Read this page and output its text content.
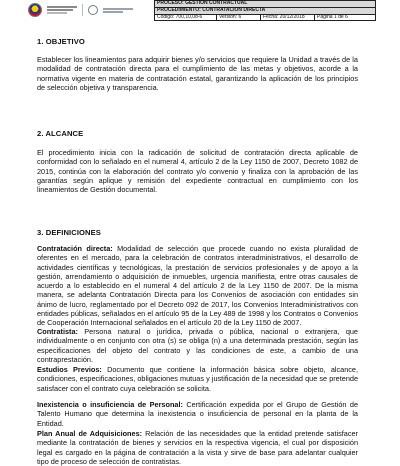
PROCESO: GESTION CONTRACTUAL
PROCEDIMIENTO: CONTRATACION DIRECTA
Código: 700,10,08-6	Versión: 6	Fecha: 20/12/2018	Página 1 de 6
1. OBJETIVO

Establecer los lineamientos para adquirir bienes y/o servicios que requiere la Unidad a través de la modalidad de contratación directa para el cumplimiento de las metas y objetivos, acorde a la normativa vigente en materia de contratación estatal, garantizando la aplicación de los principios de selección objetiva y transparencia.

2. ALCANCE

El procedimiento inicia con la radicación de solicitud de contratación directa aplicable de conformidad con lo señalado en el numeral 4, artículo 2 de la Ley 1150 de 2007, Decreto 1082 de 2015, continúa con la elaboración del contrato y/o convenio y finaliza con la aprobación de las garantías según aplique y remisión del expediente contractual en cumplimiento con los lineamientos de Gestión documental.

3. DEFINICIONES

Contratación directa: Modalidad de selección que procede cuando no exista pluralidad de oferentes en el mercado, para la celebración de contratos interadministrativos, el desarrollo de actividades científicas y tecnológicas, la prestación de servicios profesionales y de apoyo a la gestión, arrendamiento o adquisición de inmuebles, urgencia manifiesta, entre otras causales de acuerdo a lo establecido en el numeral 4 del artículo 2 de la Ley 1150 de 2007. De la misma manera, se adelanta Contratación Directa para los Convenios de asociación con entidades sin ánimo de lucro, reglamentado por el Decreto 092 de 2017, los Convenios Interadministrativos con entidades públicas, señalados en el artículo 95 de la Ley 489 de 1998 y los Contratos o Convenios de Cooperación Internacional señalados en el artículo 20 de la Ley 1150 de 2007.

Contratista: Persona natural o jurídica, privada o pública, nacional o extranjera, que individualmente o en conjunto con otra (s) se obliga (n) a una determinada prestación, según las especificaciones del objeto del contrato y las condiciones de este, a cambio de una contraprestación.

Estudios Previos: Documento que contiene la información básica sobre objeto, alcance, condiciones, especificaciones, obligaciones mutuas y justificación de la necesidad que se pretende satisfacer con el contrato cuya celebración se solicita.

Inexistencia o insuficiencia de Personal: Certificación expedida por el Grupo de Gestión de Talento Humano que determina la inexistencia o insuficiencia de personal en la planta de la Entidad.

Plan Anual de Adquisiciones: Relación de las necesidades que la entidad pretende satisfacer mediante la contratación de bienes y servicios en la respectiva vigencia, el cual por disposición legal es cargado en la página de contratación a la vista y sirve de base para adelantar cualquier tipo de proceso de selección de contratistas.
